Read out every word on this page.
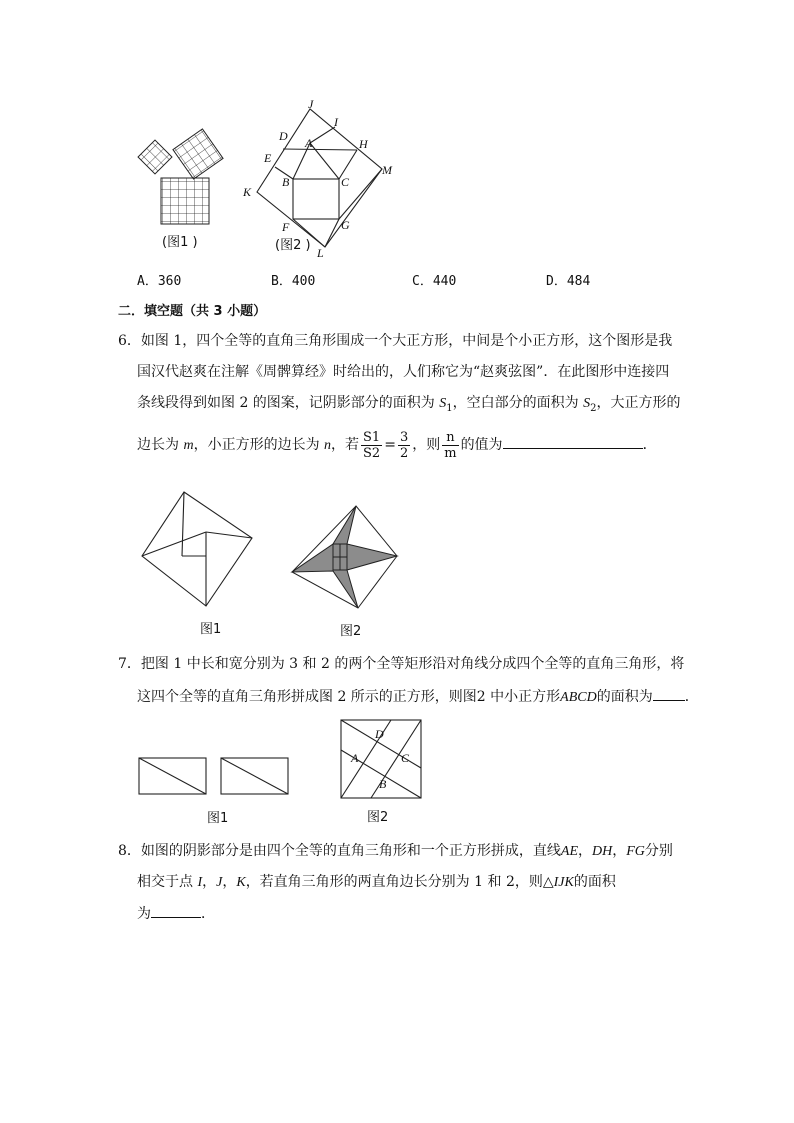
(图1 )
J
I
D A	H
E
M
B	C
K
F	G
L
(图2 )
A．360	B．400	C．440	D．484
二．填空题（共 3 小题）
6．如图 1，四个全等的直角三角形围成一个大正方形，中间是个小正方形，这个图形是我
国汉代赵爽在注解《周髀算经》时给出的，人们称它为“赵爽弦图”．在此图形中连接四
条线段得到如图 2 的图案，记阴影部分的面积为 $S_1$，空白部分的面积为 $S_2$，大正方形的
边长为 m，小正方形的边长为 n，若 $\frac{S1}{S2} = \frac{3}{2}$ ，则 $\frac{n}{m}$ 的值为	．
图1	图2
7．把图 1 中长和宽分别为 3 和 2 的两个全等矩形沿对角线分成四个全等的直角三角形，将
这四个全等的直角三角形拼成图 2 所示的正方形，则图2 中小正方形ABCD的面积为 ．
图1
D
C
A
B
图2
8．如图的阴影部分是由四个全等的直角三角形和一个正方形拼成，直线AE，DH，FG分别
相交于点 I，J，K，若直角三角形的两直角边长分别为 1 和 2，则△IJK的面积
为	．
